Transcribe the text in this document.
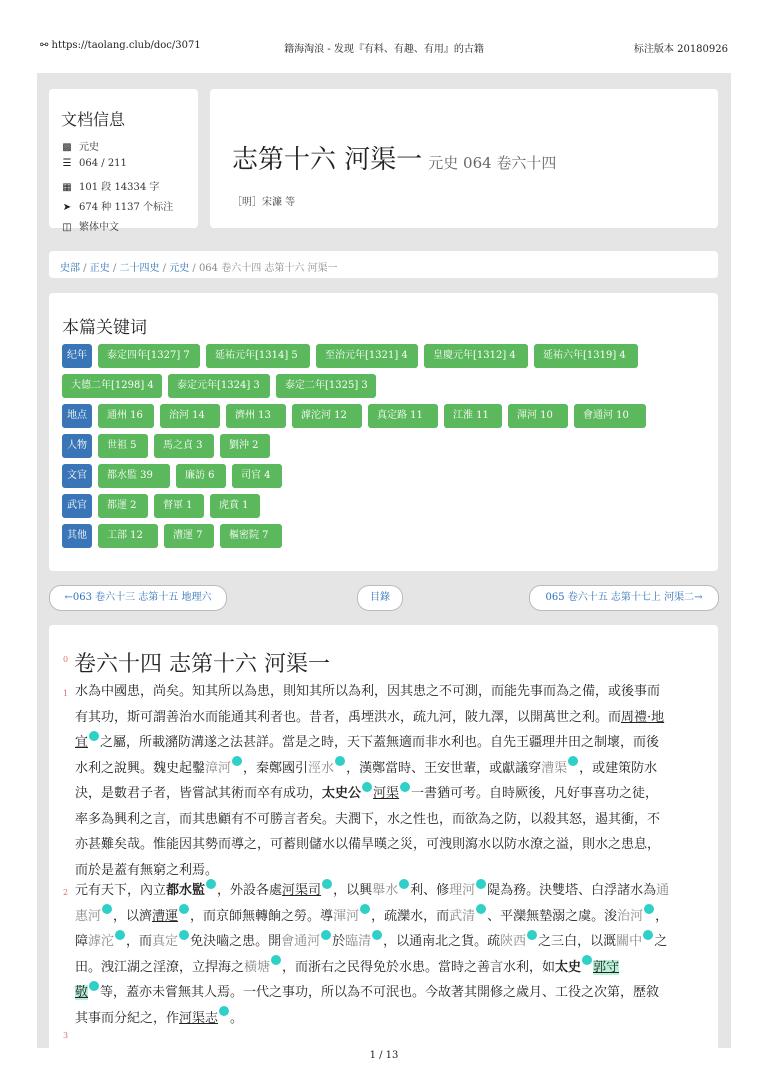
⚯ https://taolang.club/doc/3071	籍海淘浪 - 发现『有料、有趣、有用』的古籍	标注版本 20180926
文档信息
▩ 元史
☰ 064 / 211
▦ 101 段 14334 字
➤ 674 种 1137 个标注
◫ 繁体中文
志第十六 河渠一 元史 064 卷六十四
［明］宋濂 等
史部 / 正史 / 二十四史 / 元史 / 064 卷六十四 志第十六 河渠一
本篇关键词
纪年 泰定四年[1327] 7	延祐元年[1314] 5	至治元年[1321] 4	皇慶元年[1312] 4	延祐六年[1319] 4
大德二年[1298] 4 泰定元年[1324] 3	泰定二年[1325] 3
地点 通州 16	治河 14	濟州 13	滹沱河 12	真定路 11	江淮 11	渾河 10	會通河 10
人物 世祖 5	馬之貞 3	劉沖 2
文官 都水監 39	廉訪 6	司官 4
武官 都運 2	督軍 1	虎賁 1
其他 工部 12	漕運 7	樞密院 7
←063 卷六十三 志第十五 地理六	目錄	065 卷六十五 志第十七上 河渠二→
0 卷六十四 志第十六 河渠一
1 水為中國患，尚矣。知其所以為患，則知其所以為利，因其患之不可測，而能先事而為之備，或後事而
有其功，斯可謂善治水而能通其利者也。昔者，禹堙洪水，疏九河，陂九澤，以開萬世之利。而周禮·地
宜 之屬，所載瀦防溝遂之法甚詳。當是之時，天下蓋無適而非水利也。自先王疆理井田之制壞，而後
水利之說興。魏史起鑿漳河 ，秦鄭國引涇水 ，漢鄭當時、王安世輩，或獻議穿漕渠 ，或建策防水
決，是數君子者，皆嘗試其術而卒有成功，太史公 河渠 一書猶可考。自時厥後，凡好事喜功之徒，
率多為興利之言，而其患顧有不可勝言者矣。夫潤下，水之性也，而欲為之防，以殺其怒，遏其衝，不
亦甚難矣哉。惟能因其勢而導之，可蓄則儲水以備旱暵之災，可洩則瀉水以防水潦之溢，則水之患息，
而於是蓋有無窮之利焉。
2 元有天下，內立都水監 ，外設各處河渠司 ，以興舉水 利、修理河 隄為務。決雙塔、白浮諸水為通
惠河 ，以濟漕運 ，而京師無轉餉之勞。導渾河 ，疏灤水，而武清 、平灤無墊溺之虞。浚治河 ，
障滹沱 ，而真定 免決嚙之患。開會通河 於臨清 ，以通南北之貨。疏陝西 之三白，以溉關中 之
田。洩江湖之淫潦，立捍海之橫塘 ，而浙右之民得免於水患。當時之善言水利，如太史 郭守
敬 等，蓋亦未嘗無其人焉。一代之事功，所以為不可泯也。今故著其開修之歲月、工役之次第，歷敘
其事而分紀之，作河渠志 。
3
1 / 13
